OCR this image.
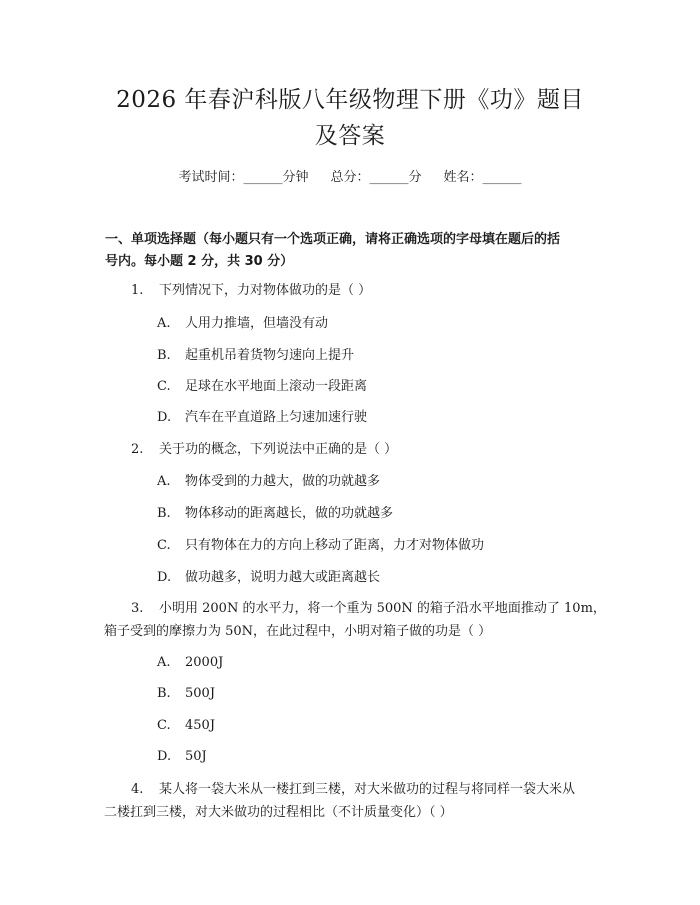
2026 年春沪科版八年级物理下册《功》题目
及答案
考试时间：______分钟 总分：______分 姓名：______
一、单项选择题（每小题只有一个选项正确，请将正确选项的字母填在题后的括
号内。每小题 2 分，共 30 分）
1. 下列情况下，力对物体做功的是（ ）
A. 人用力推墙，但墙没有动
B. 起重机吊着货物匀速向上提升
C. 足球在水平地面上滚动一段距离
D. 汽车在平直道路上匀速加速行驶
2. 关于功的概念，下列说法中正确的是（ ）
A. 物体受到的力越大，做的功就越多
B. 物体移动的距离越长，做的功就越多
C. 只有物体在力的方向上移动了距离，力才对物体做功
D. 做功越多，说明力越大或距离越长
3. 小明用 200N 的水平力，将一个重为 500N 的箱子沿水平地面推动了 10m，
箱子受到的摩擦力为 50N，在此过程中，小明对箱子做的功是（ ）
A. 2000J
B. 500J
C. 450J
D. 50J
4. 某人将一袋大米从一楼扛到三楼，对大米做功的过程与将同样一袋大米从
二楼扛到三楼，对大米做功的过程相比（不计质量变化）（ ）
